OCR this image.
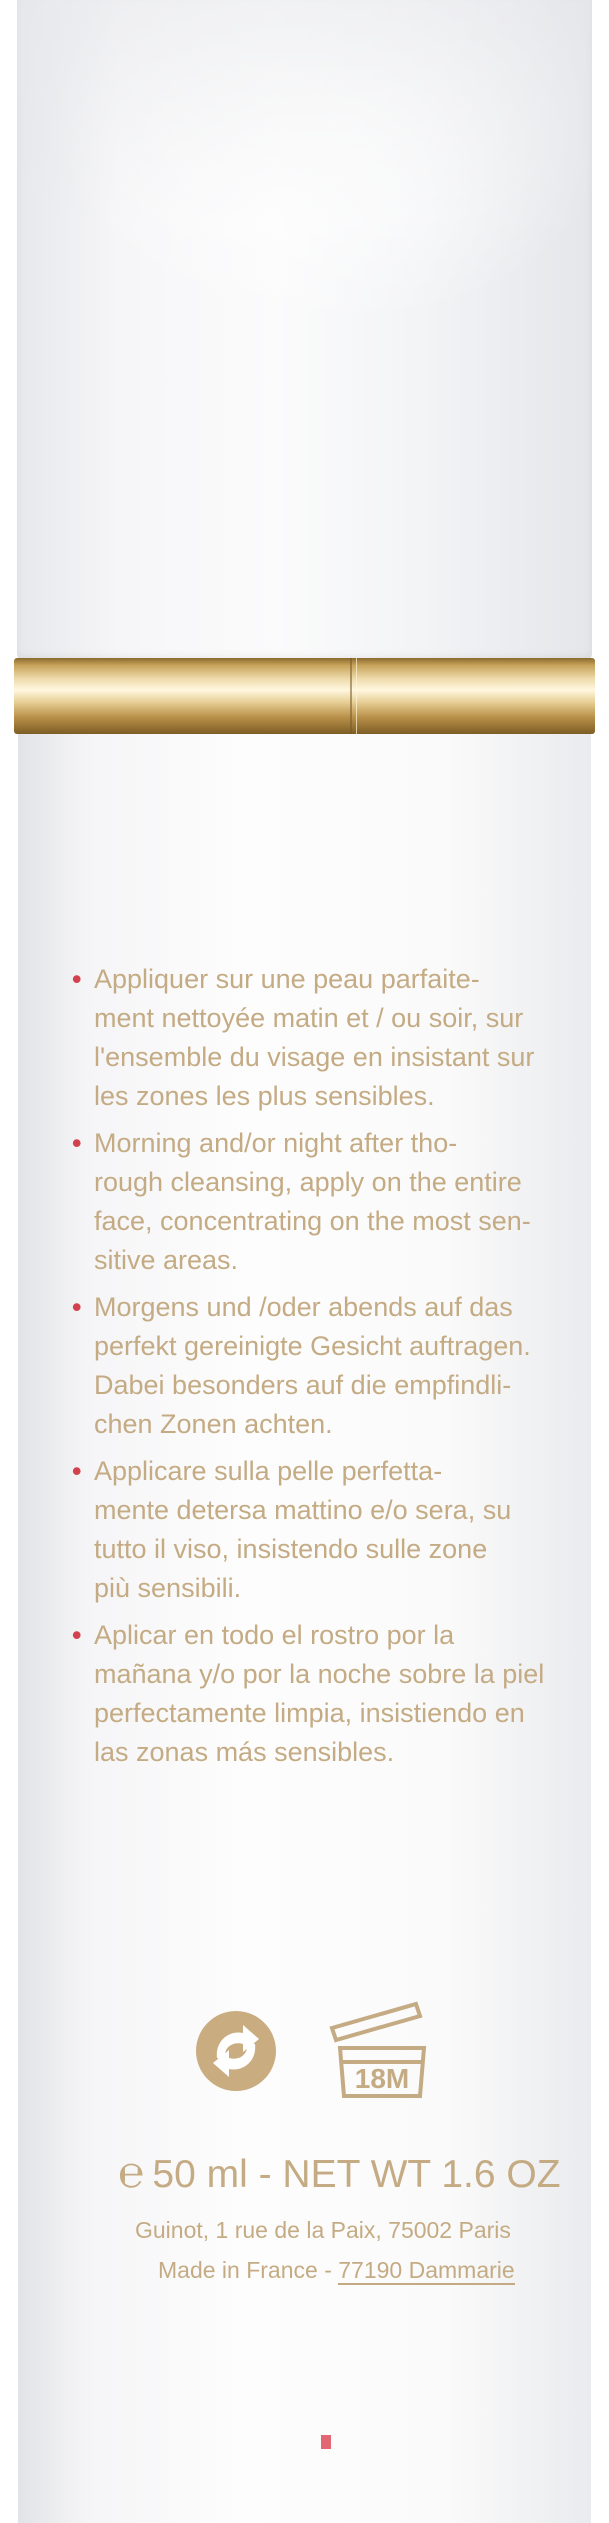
• Appliquer sur une peau parfaite-
ment nettoyée matin et / ou soir, sur
l'ensemble du visage en insistant sur
les zones les plus sensibles.
• Morning and/or night after tho-
rough cleansing, apply on the entire
face, concentrating on the most sen-
sitive areas.
• Morgens und /oder abends auf das
perfekt gereinigte Gesicht auftragen.
Dabei besonders auf die empfindli-
chen Zonen achten.
• Applicare sulla pelle perfetta-
mente detersa mattino e/o sera, su
tutto il viso, insistendo sulle zone
più sensibili.
• Aplicar en todo el rostro por la
mañana y/o por la noche sobre la piel
perfectamente limpia, insistiendo en
las zonas más sensibles.
18M
℮ 50 ml - NET WT 1.6 OZ
Guinot, 1 rue de la Paix, 75002 Paris
Made in France - 77190 Dammarie
